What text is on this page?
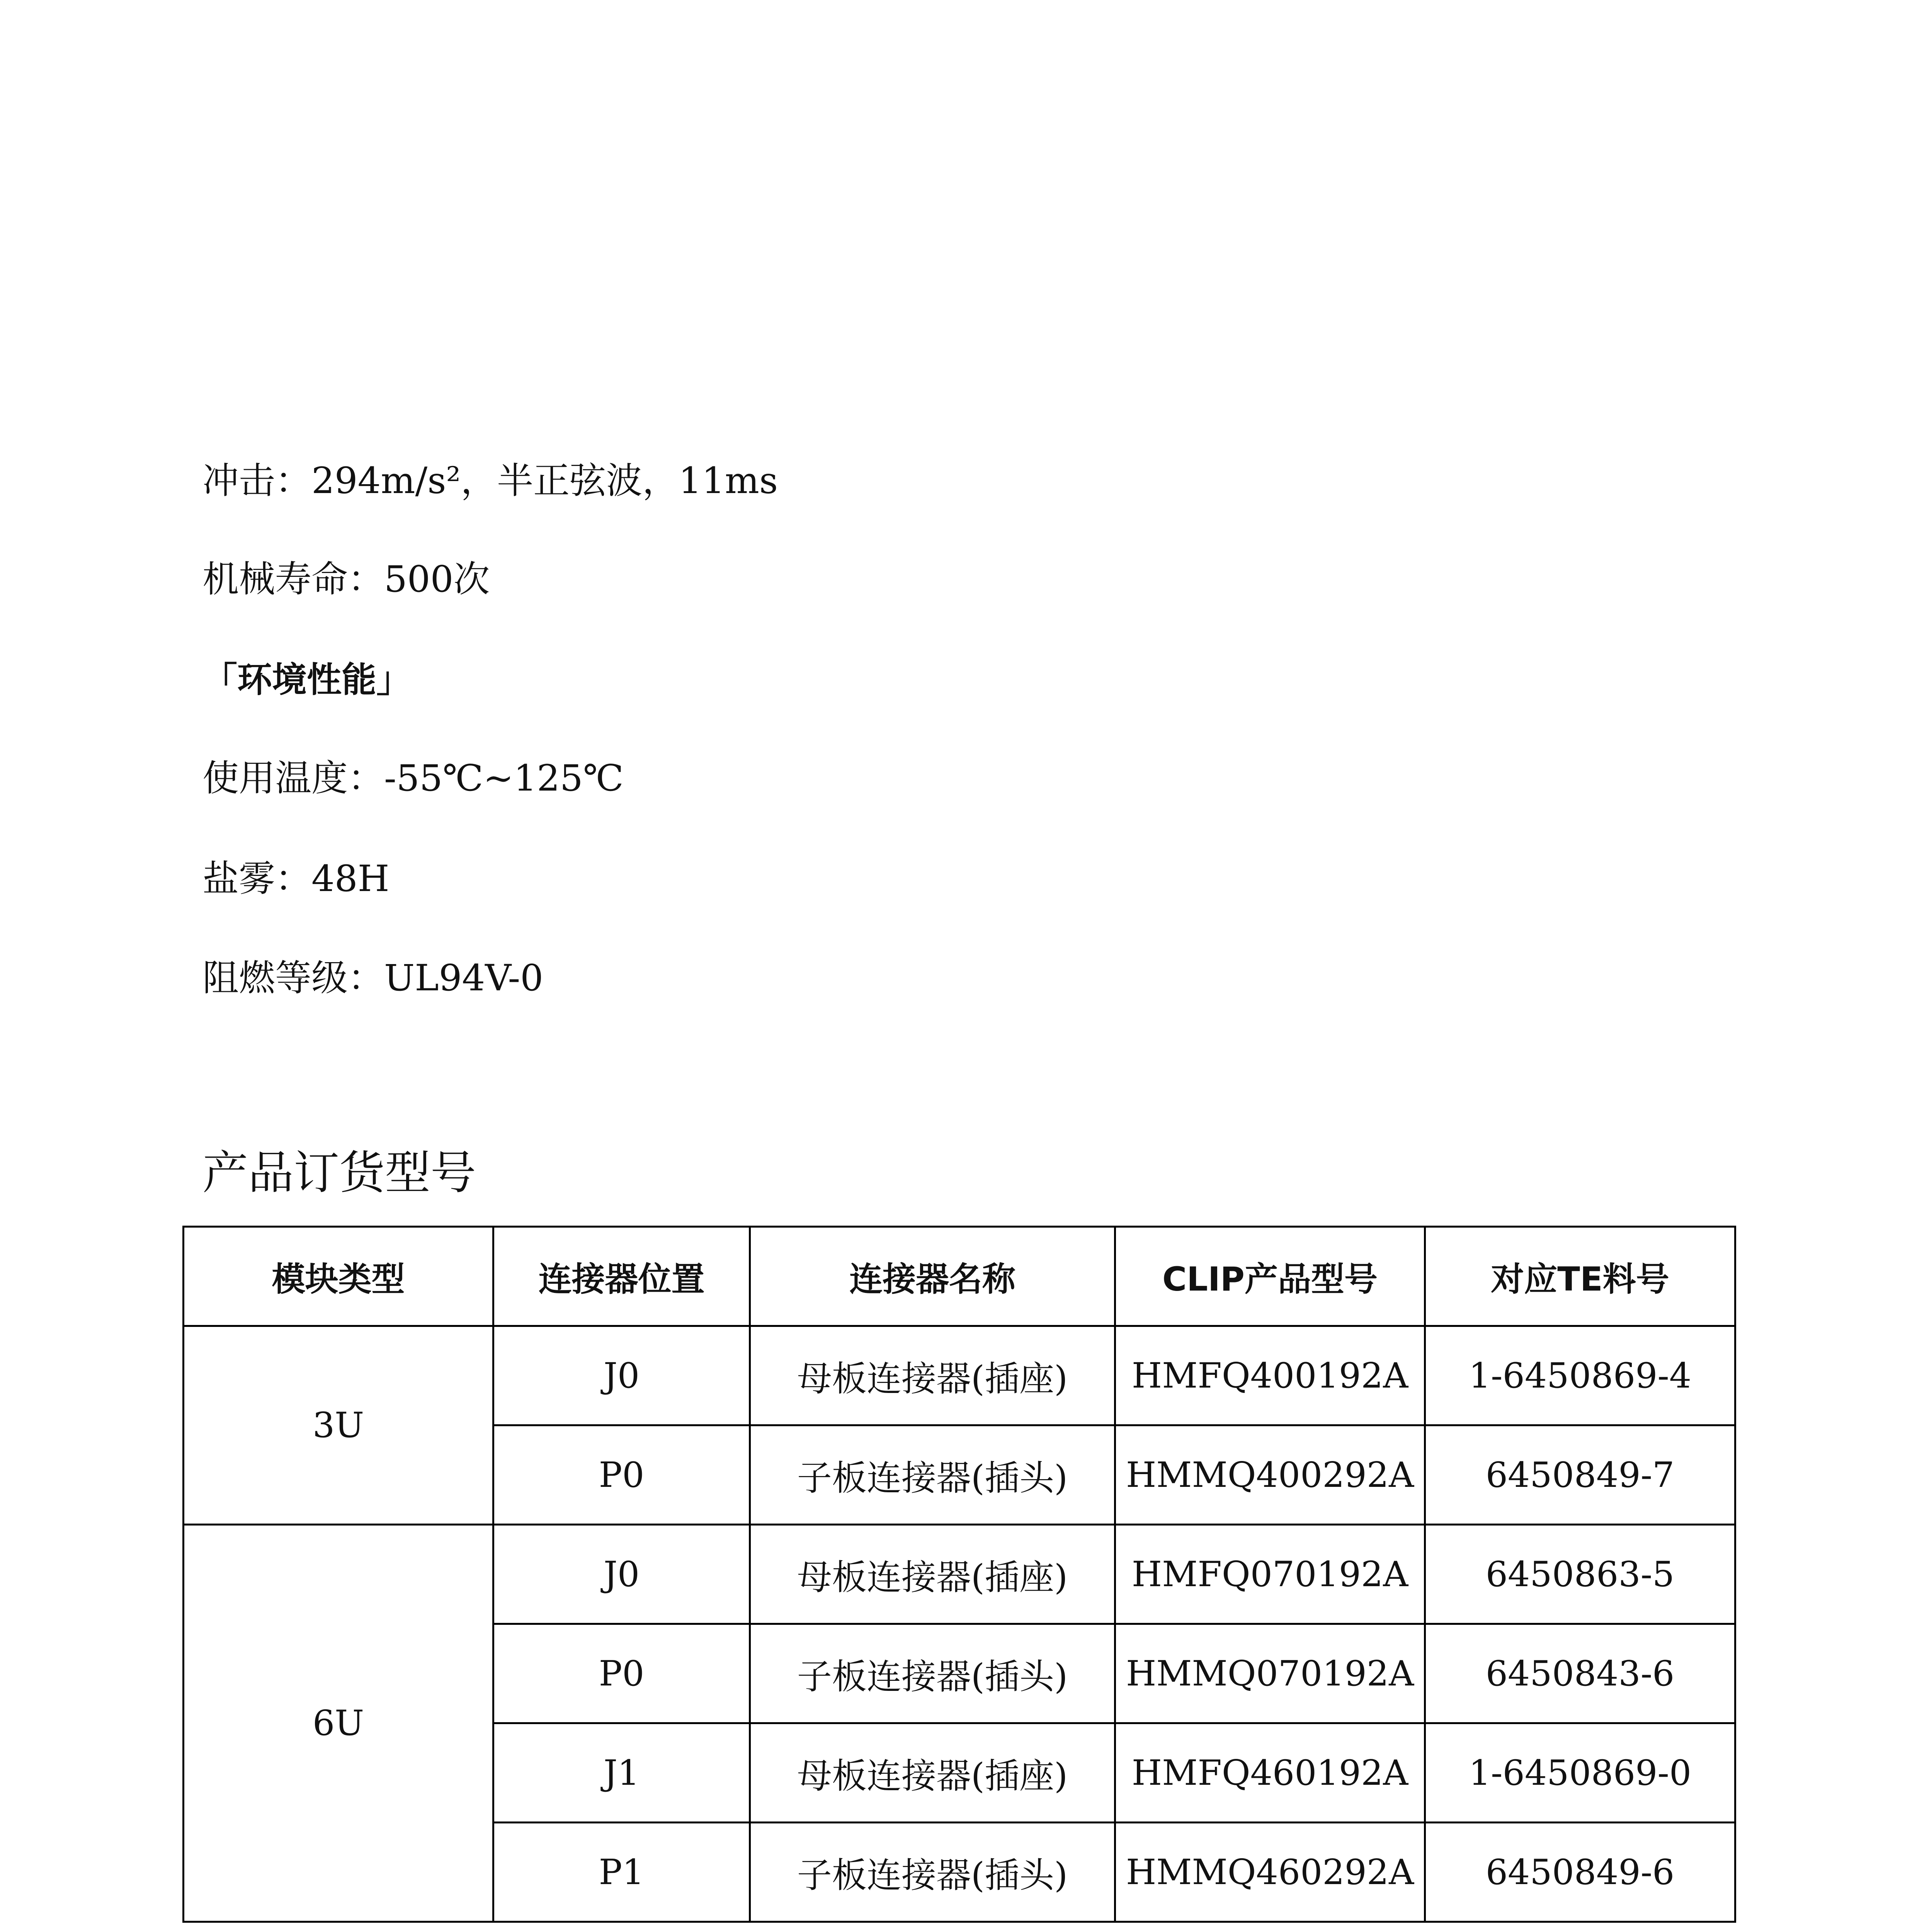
冲击：294m/s²，半正弦波，11ms

机械寿命：500次

「环境性能」

使用温度：-55℃~125℃

盐雾：48H

阻燃等级：UL94V-0

产品订货型号
模块类型	连接器位置	连接器名称	CLIP产品型号	对应TE料号
3U	J0	母板连接器(插座)	HMFQ400192A	1-6450869-4
	P0	子板连接器(插头)	HMMQ400292A	6450849-7
6U	J0	母板连接器(插座)	HMFQ070192A	6450863-5
	P0	子板连接器(插头)	HMMQ070192A	6450843-6
	J1	母板连接器(插座)	HMFQ460192A	1-6450869-0
	P1	子板连接器(插头)	HMMQ460292A	6450849-6
